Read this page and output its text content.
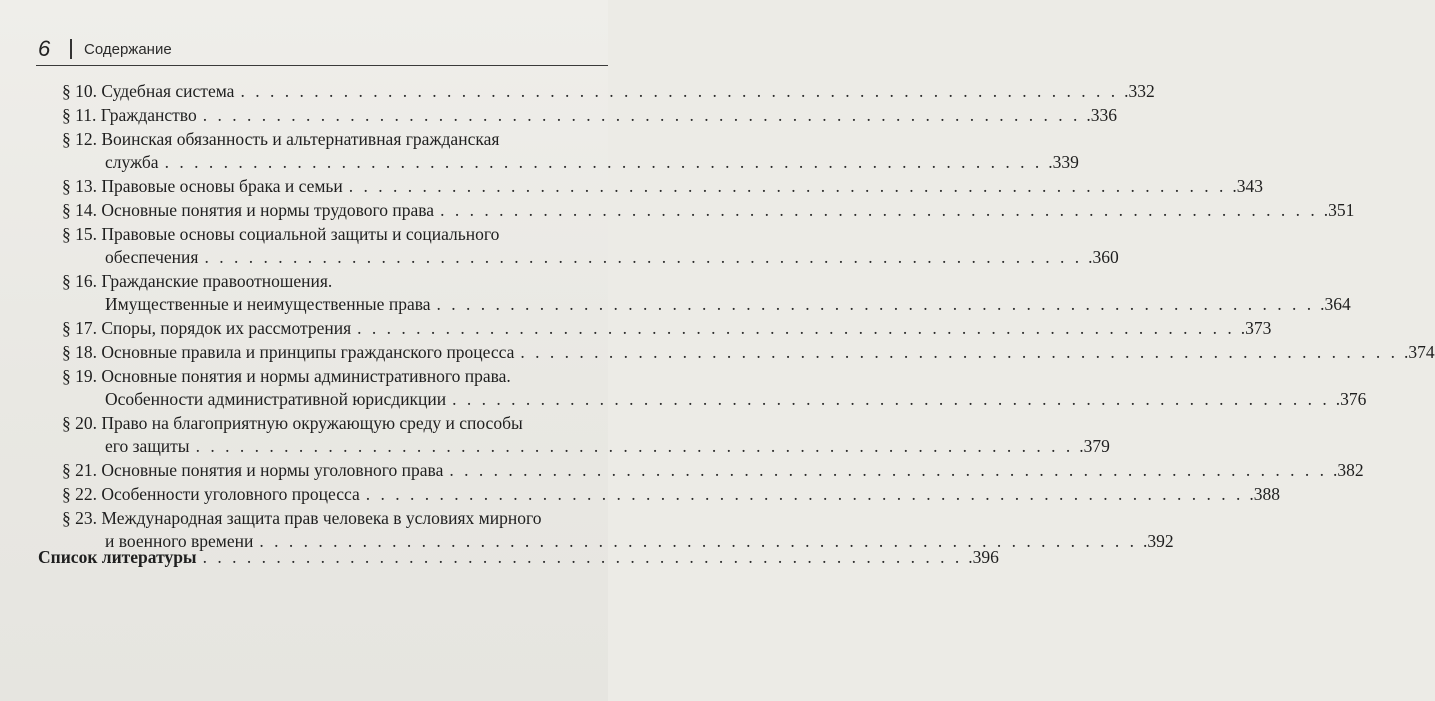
6	Содержание
§ 10. Судебная система . . . . . . . . . . . . . . . . . . . . . . . . . . . . . . . . . . . . . . . . . . . . . . . . . . . . . . . . . . . . .332
§ 11. Гражданство . . . . . . . . . . . . . . . . . . . . . . . . . . . . . . . . . . . . . . . . . . . . . . . . . . . . . . . . . . . . .336
§ 12. Воинская обязанность и альтернативная гражданская
служба . . . . . . . . . . . . . . . . . . . . . . . . . . . . . . . . . . . . . . . . . . . . . . . . . . . . . . . . . . . . .339
§ 13. Правовые основы брака и семьи . . . . . . . . . . . . . . . . . . . . . . . . . . . . . . . . . . . . . . . . . . . . . . . . . . . . . . . . . . . . .343
§ 14. Основные понятия и нормы трудового права . . . . . . . . . . . . . . . . . . . . . . . . . . . . . . . . . . . . . . . . . . . . . . . . . . . . . . . . . . . . .351
§ 15. Правовые основы социальной защиты и социального
обеспечения . . . . . . . . . . . . . . . . . . . . . . . . . . . . . . . . . . . . . . . . . . . . . . . . . . . . . . . . . . . . .360
§ 16. Гражданские правоотношения.
Имущественные и неимущественные права . . . . . . . . . . . . . . . . . . . . . . . . . . . . . . . . . . . . . . . . . . . . . . . . . . . . . . . . . . . . .364
§ 17. Споры, порядок их рассмотрения . . . . . . . . . . . . . . . . . . . . . . . . . . . . . . . . . . . . . . . . . . . . . . . . . . . . . . . . . . . . .373
§ 18. Основные правила и принципы гражданского процесса . . . . . . . . . . . . . . . . . . . . . . . . . . . . . . . . . . . . . . . . . . . . . . . . . . . . . . . . . . . . .374
§ 19. Основные понятия и нормы административного права.
Особенности административной юрисдикции . . . . . . . . . . . . . . . . . . . . . . . . . . . . . . . . . . . . . . . . . . . . . . . . . . . . . . . . . . . . .376
§ 20. Право на благоприятную окружающую среду и способы
его защиты . . . . . . . . . . . . . . . . . . . . . . . . . . . . . . . . . . . . . . . . . . . . . . . . . . . . . . . . . . . . .379
§ 21. Основные понятия и нормы уголовного права . . . . . . . . . . . . . . . . . . . . . . . . . . . . . . . . . . . . . . . . . . . . . . . . . . . . . . . . . . . . .382
§ 22. Особенности уголовного процесса . . . . . . . . . . . . . . . . . . . . . . . . . . . . . . . . . . . . . . . . . . . . . . . . . . . . . . . . . . . . .388
§ 23. Международная защита прав человека в условиях мирного
и военного времени . . . . . . . . . . . . . . . . . . . . . . . . . . . . . . . . . . . . . . . . . . . . . . . . . . . . . . . . . . . . .392
Список литературы . . . . . . . . . . . . . . . . . . . . . . . . . . . . . . . . . . . . . . . . . . . . . . . . . . . . .396
